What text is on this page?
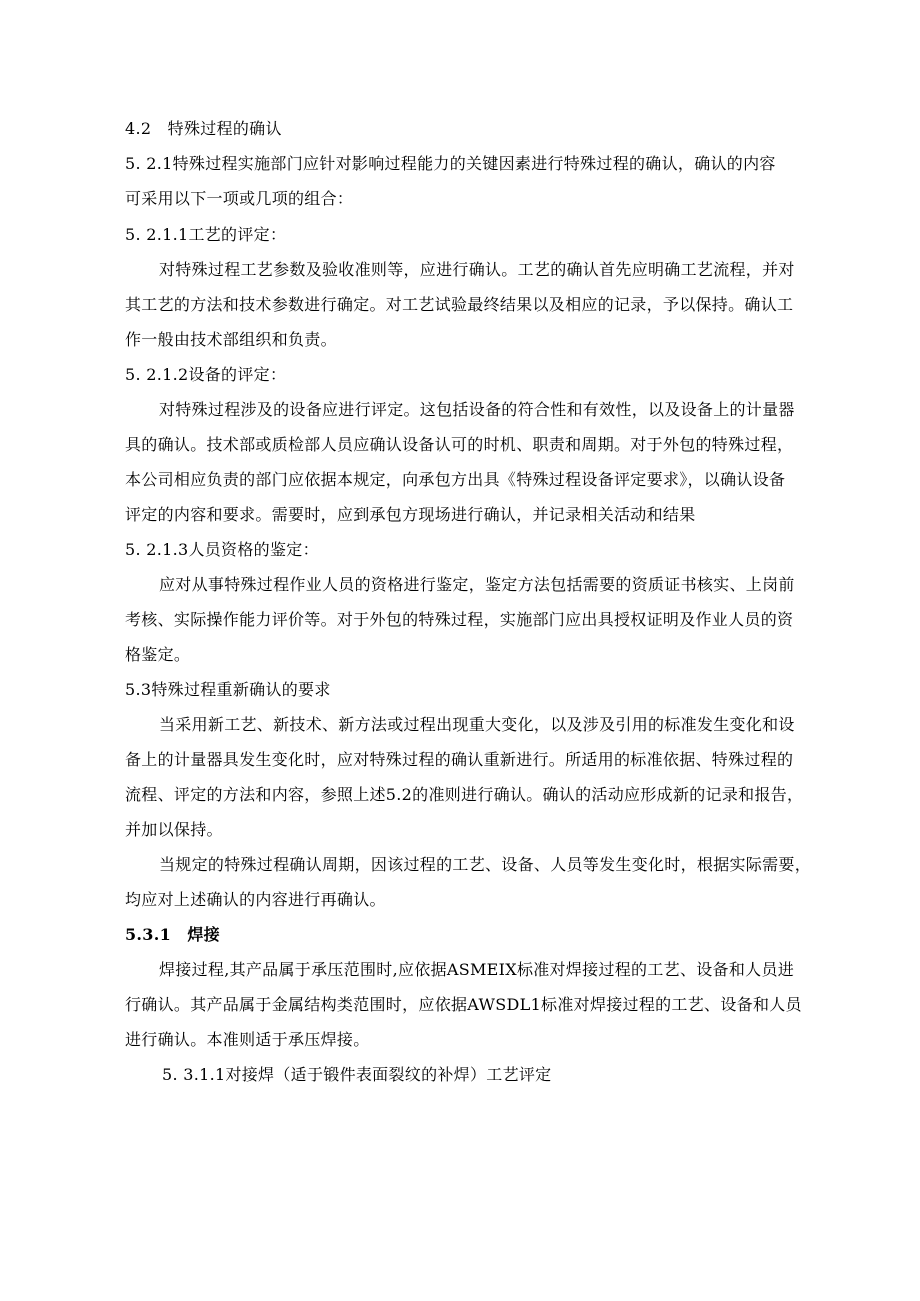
4.2　特殊过程的确认
5. 2.1特殊过程实施部门应针对影响过程能力的关键因素进行特殊过程的确认，确认的内容
可采用以下一项或几项的组合：
5. 2.1.1工艺的评定：
对特殊过程工艺参数及验收准则等，应进行确认。工艺的确认首先应明确工艺流程，并对
其工艺的方法和技术参数进行确定。对工艺试验最终结果以及相应的记录，予以保持。确认工
作一般由技术部组织和负责。
5. 2.1.2设备的评定：
对特殊过程涉及的设备应进行评定。这包括设备的符合性和有效性，以及设备上的计量器
具的确认。技术部或质检部人员应确认设备认可的时机、职责和周期。对于外包的特殊过程，
本公司相应负责的部门应依据本规定，向承包方出具《特殊过程设备评定要求》，以确认设备
评定的内容和要求。需要时，应到承包方现场进行确认，并记录相关活动和结果
5. 2.1.3人员资格的鉴定：
应对从事特殊过程作业人员的资格进行鉴定，鉴定方法包括需要的资质证书核实、上岗前
考核、实际操作能力评价等。对于外包的特殊过程，实施部门应出具授权证明及作业人员的资
格鉴定。
5.3特殊过程重新确认的要求
当采用新工艺、新技术、新方法或过程出现重大变化，以及涉及引用的标准发生变化和设
备上的计量器具发生变化时，应对特殊过程的确认重新进行。所适用的标准依据、特殊过程的
流程、评定的方法和内容，参照上述5.2的准则进行确认。确认的活动应形成新的记录和报告，
并加以保持。
当规定的特殊过程确认周期，因该过程的工艺、设备、人员等发生变化时，根据实际需要，
均应对上述确认的内容进行再确认。
5.3.1　焊接
焊接过程,其产品属于承压范围时,应依据ASMEIX标准对焊接过程的工艺、设备和人员进
行确认。其产品属于金属结构类范围时，应依据AWSDL1标准对焊接过程的工艺、设备和人员
进行确认。本准则适于承压焊接。
5. 3.1.1对接焊（适于锻件表面裂纹的补焊）工艺评定
